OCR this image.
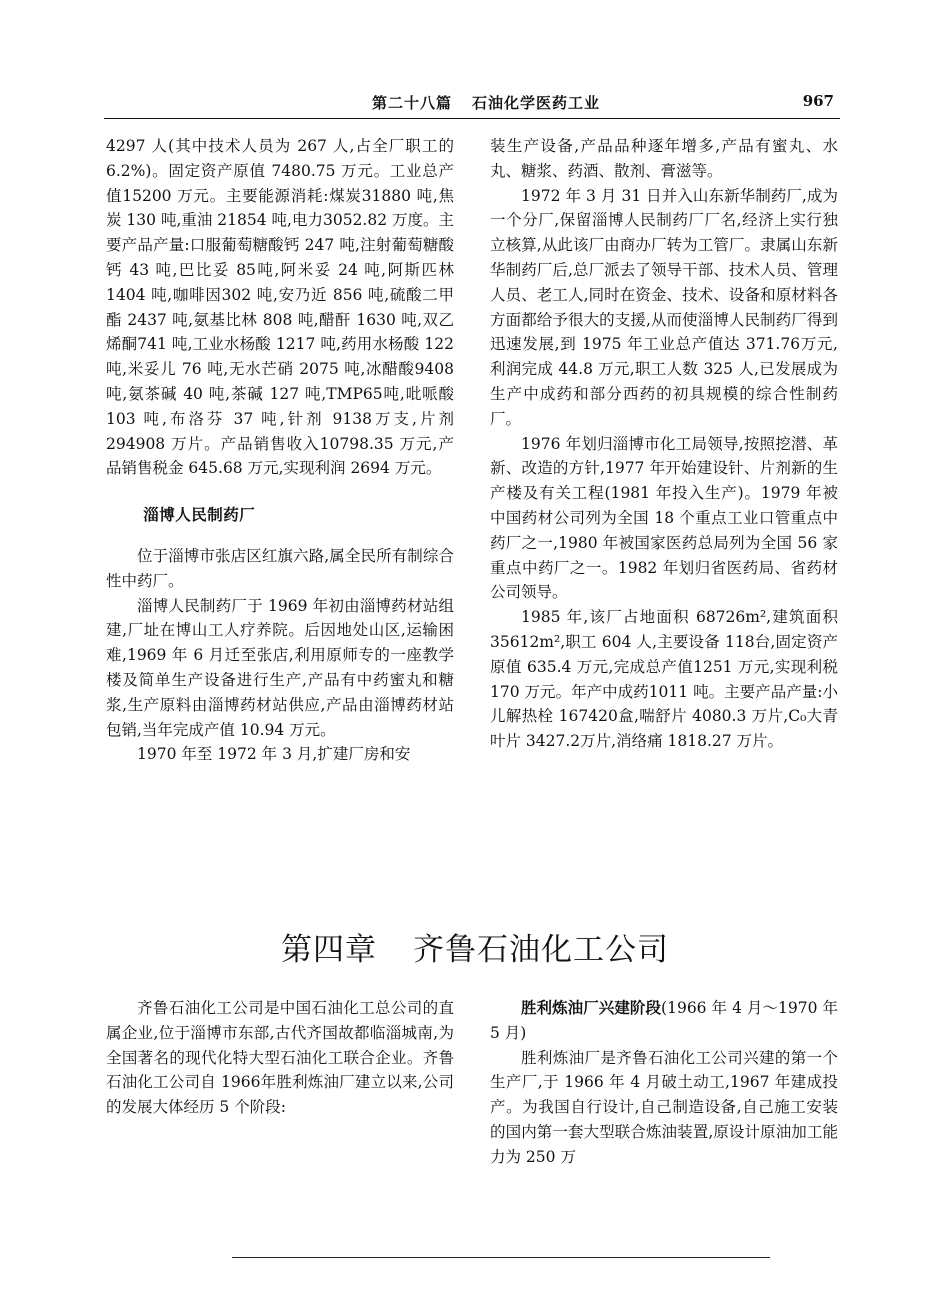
第二十八篇 石油化学医药工业	967

4297 人(其中技术人员为 267 人,占全厂职工的 6.2%)。固定资产原值 7480.75 万元。工业总产值15200 万元。主要能源消耗:煤炭31880 吨,焦炭 130 吨,重油 21854 吨,电力3052.82 万度。主要产品产量:口服葡萄糖酸钙 247 吨,注射葡萄糖酸钙 43 吨,巴比妥 85吨,阿米妥 24 吨,阿斯匹林 1404 吨,咖啡因302 吨,安乃近 856 吨,硫酸二甲酯 2437 吨,氨基比林 808 吨,醋酐 1630 吨,双乙烯酮741 吨,工业水杨酸 1217 吨,药用水杨酸 122吨,米妥儿 76 吨,无水芒硝 2075 吨,冰醋酸9408 吨,氨茶碱 40 吨,茶碱 127 吨,TMP65吨,吡哌酸 103 吨,布洛芬 37 吨,针剂 9138万支,片剂 294908 万片。产品销售收入10798.35 万元,产品销售税金 645.68 万元,实现利润 2694 万元。

淄博人民制药厂

位于淄博市张店区红旗六路,属全民所有制综合性中药厂。

淄博人民制药厂于 1969 年初由淄博药材站组建,厂址在博山工人疗养院。后因地处山区,运输困难,1969 年 6 月迁至张店,利用原师专的一座教学楼及简单生产设备进行生产,产品有中药蜜丸和糖浆,生产原料由淄博药材站供应,产品由淄博药材站包销,当年完成产值 10.94 万元。

1970 年至 1972 年 3 月,扩建厂房和安

装生产设备,产品品种逐年增多,产品有蜜丸、水丸、糖浆、药酒、散剂、膏滋等。

1972 年 3 月 31 日并入山东新华制药厂,成为一个分厂,保留淄博人民制药厂厂名,经济上实行独立核算,从此该厂由商办厂转为工管厂。隶属山东新华制药厂后,总厂派去了领导干部、技术人员、管理人员、老工人,同时在资金、技术、设备和原材料各方面都给予很大的支援,从而使淄博人民制药厂得到迅速发展,到 1975 年工业总产值达 371.76万元,利润完成 44.8 万元,职工人数 325 人,已发展成为生产中成药和部分西药的初具规模的综合性制药厂。

1976 年划归淄博市化工局领导,按照挖潜、革新、改造的方针,1977 年开始建设针、片剂新的生产楼及有关工程(1981 年投入生产)。1979 年被中国药材公司列为全国 18 个重点工业口管重点中药厂之一,1980 年被国家医药总局列为全国 56 家重点中药厂之一。1982 年划归省医药局、省药材公司领导。

1985 年,该厂占地面积 68726m²,建筑面积 35612m²,职工 604 人,主要设备 118台,固定资产原值 635.4 万元,完成总产值1251 万元,实现利税 170 万元。年产中成药1011 吨。主要产品产量:小儿解热栓 167420盒,喘舒片 4080.3 万片,C₀大青叶片 3427.2万片,消络痛 1818.27 万片。

第四章 齐鲁石油化工公司

齐鲁石油化工公司是中国石油化工总公司的直属企业,位于淄博市东部,古代齐国故都临淄城南,为全国著名的现代化特大型石油化工联合企业。齐鲁石油化工公司自 1966年胜利炼油厂建立以来,公司的发展大体经历 5 个阶段:

胜利炼油厂兴建阶段(1966 年 4 月～1970 年 5 月)

胜利炼油厂是齐鲁石油化工公司兴建的第一个生产厂,于 1966 年 4 月破土动工,1967 年建成投产。为我国自行设计,自己制造设备,自己施工安装的国内第一套大型联合炼油装置,原设计原油加工能力为 250 万
